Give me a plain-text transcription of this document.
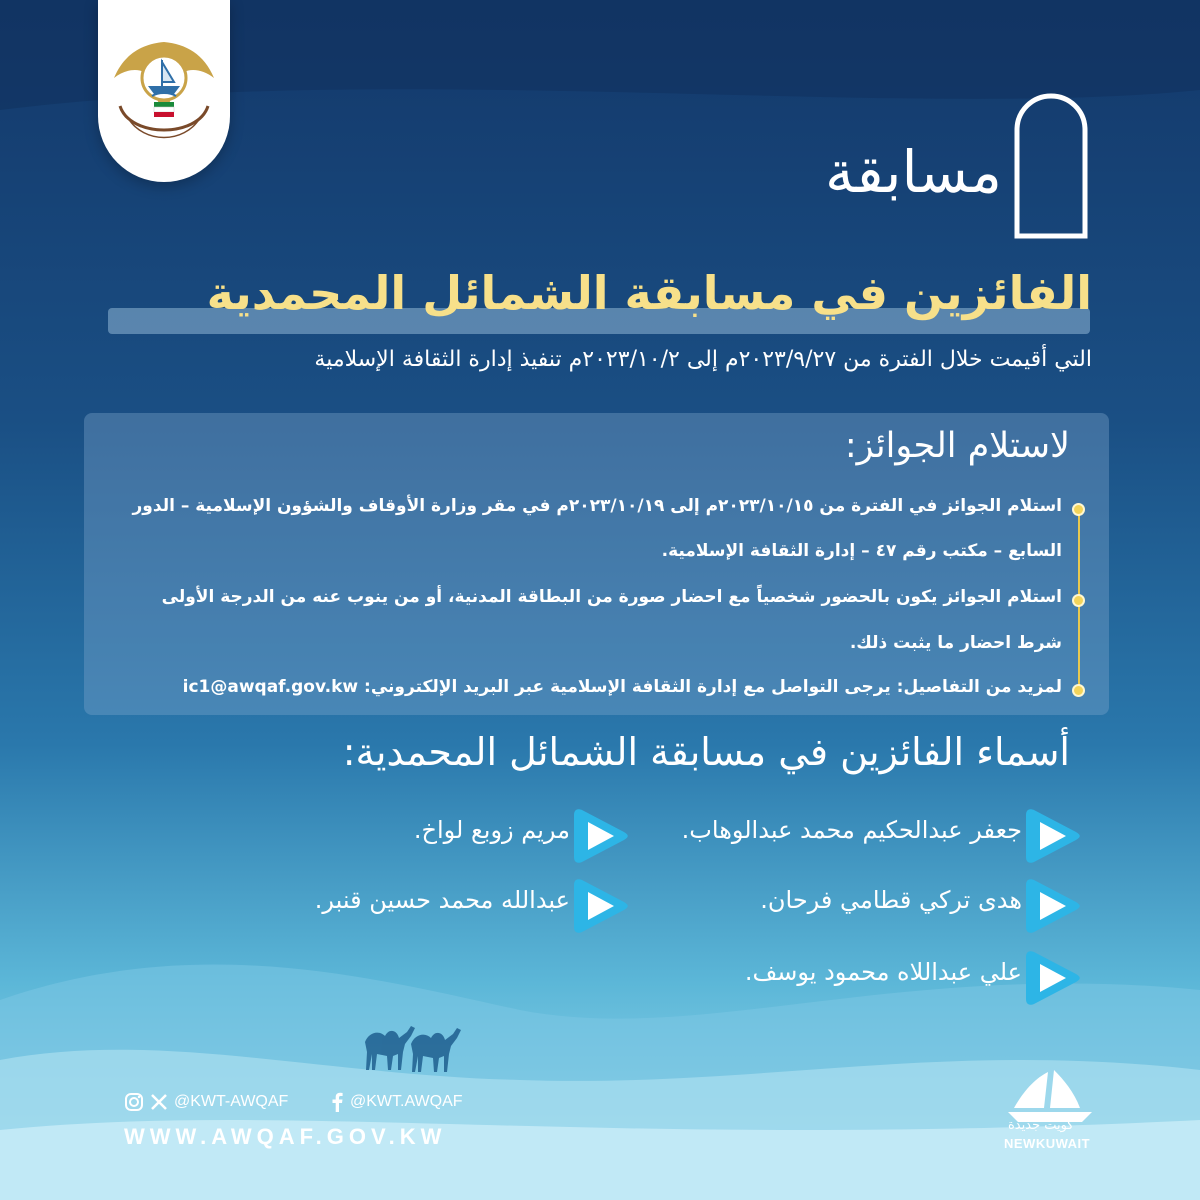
مسابقة
الفائزين في مسابقة الشمائل المحمدية
التي أقيمت خلال الفترة من ٢٠٢٣/٩/٢٧م إلى ٢٠٢٣/١٠/٢م تنفيذ إدارة الثقافة الإسلامية
لاستلام الجوائز:
استلام الجوائز في الفترة من ٢٠٢٣/١٠/١٥م إلى ٢٠٢٣/١٠/١٩م في مقر وزارة الأوقاف والشؤون الإسلامية – الدور
السابع – مكتب رقم ٤٧ – إدارة الثقافة الإسلامية.
استلام الجوائز يكون بالحضور شخصياً مع احضار صورة من البطاقة المدنية، أو من ينوب عنه من الدرجة الأولى
شرط احضار ما يثبت ذلك.
لمزيد من التفاصيل: يرجى التواصل مع إدارة الثقافة الإسلامية عبر البريد الإلكتروني: ic1@awqaf.gov.kw
أسماء الفائزين في مسابقة الشمائل المحمدية:
جعفر عبدالحكيم محمد عبدالوهاب.
مريم زوبع لواخ.
هدى تركي قطامي فرحان.
عبدالله محمد حسين قنبر.
علي عبداللاه محمود يوسف.
@KWT-AWQAF	@KWT.AWQAF
WWW.AWQAF.GOV.KW	كويت جديدة
NEWKUWAIT
